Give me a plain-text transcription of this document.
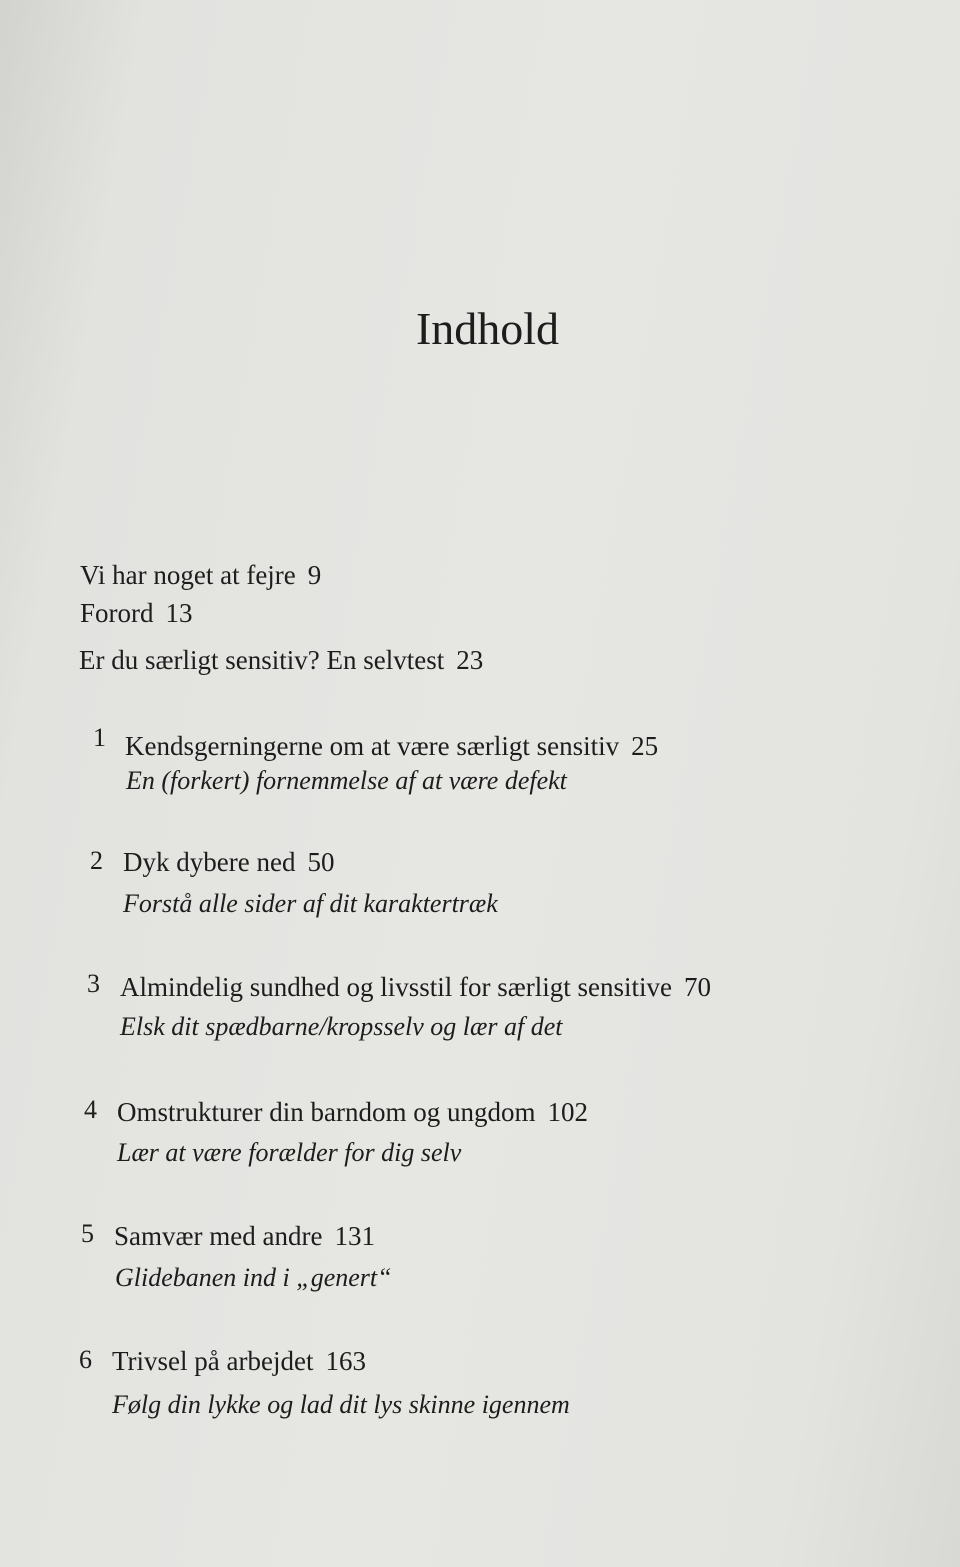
Indhold
Vi har noget at fejre 9
Forord 13
Er du særligt sensitiv? En selvtest 23
1 Kendsgerningerne om at være særligt sensitiv 25
En (forkert) fornemmelse af at være defekt
2 Dyk dybere ned 50
Forstå alle sider af dit karaktertræk
3 Almindelig sundhed og livsstil for særligt sensitive 70
Elsk dit spædbarne/kropsselv og lær af det
4 Omstrukturer din barndom og ungdom 102
Lær at være forælder for dig selv
5 Samvær med andre 131
Glidebanen ind i „genert“
6 Trivsel på arbejdet 163
Følg din lykke og lad dit lys skinne igennem
